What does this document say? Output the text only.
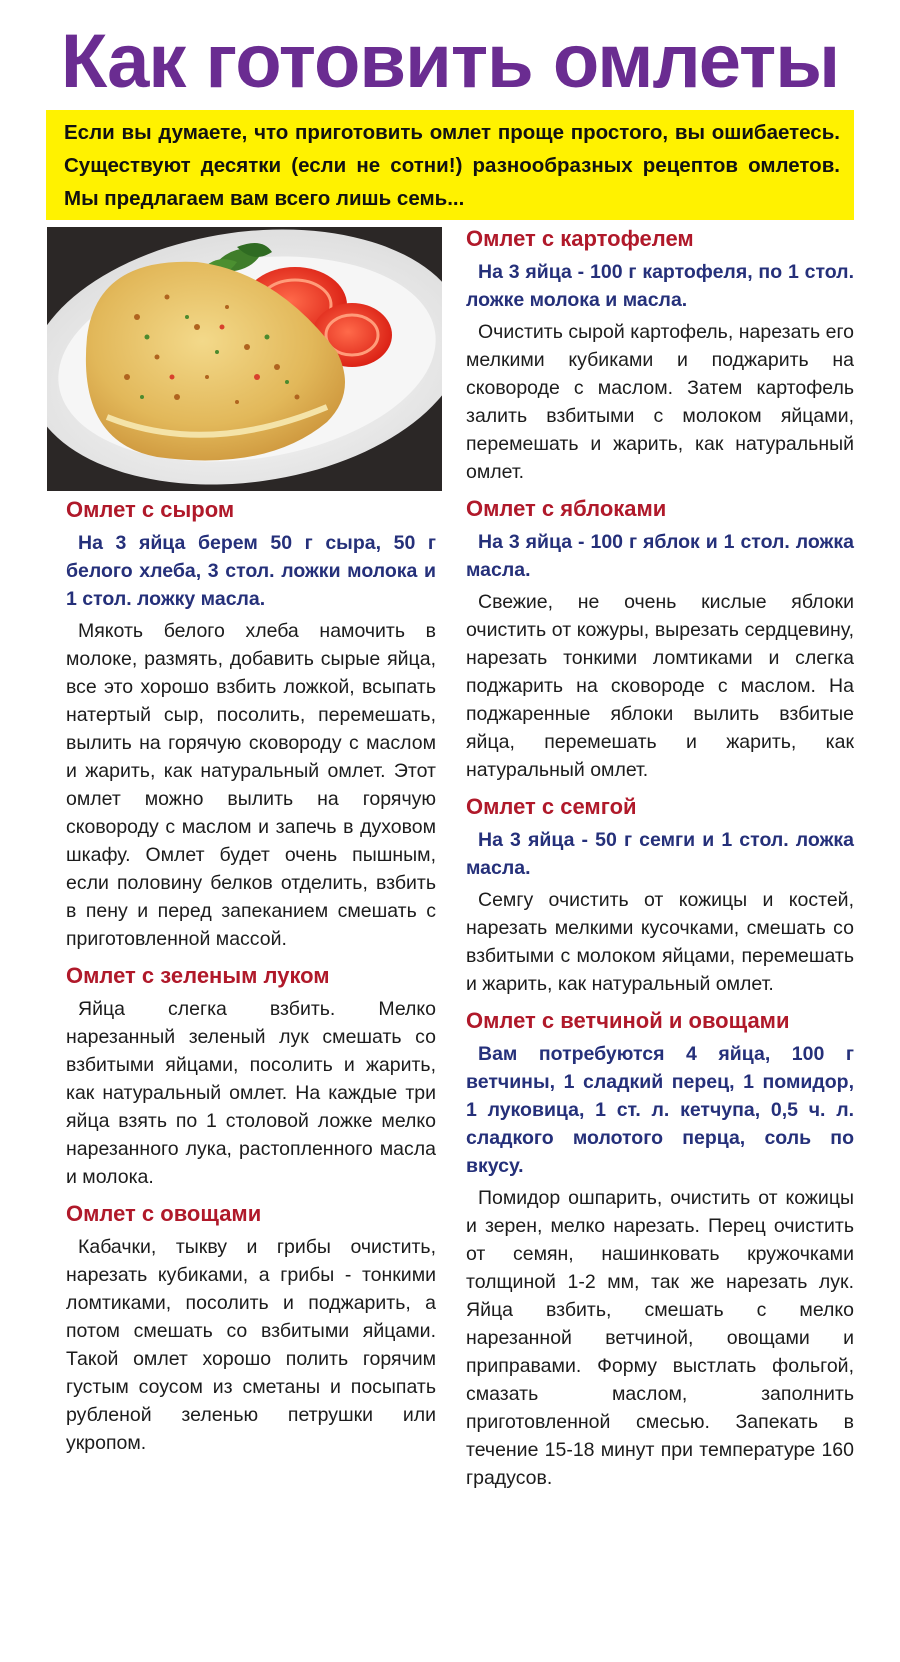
Как готовить омлеты
Если вы думаете, что приготовить омлет проще простого, вы ошибаетесь. Существуют десятки (если не сотни!) разнообразных рецептов омлетов. Мы предлагаем вам всего лишь семь...
Омлет с сыром
На 3 яйца берем 50 г сыра, 50 г белого хлеба, 3 стол. ложки молока и 1 стол. ложку масла.
Мякоть белого хлеба намочить в молоке, размять, добавить сырые яйца, все это хорошо взбить ложкой, всыпать натертый сыр, посолить, перемешать, вылить на горячую сковороду с маслом и жарить, как натуральный омлет. Этот омлет можно вылить на горячую сковороду с маслом и запечь в духовом шкафу. Омлет будет очень пышным, если половину белков отделить, взбить в пену и перед запеканием смешать с приготовленной массой.
Омлет с зеленым луком
Яйца слегка взбить. Мелко нарезанный зеленый лук смешать со взбитыми яйцами, посолить и жарить, как натуральный омлет. На каждые три яйца взять по 1 столовой ложке мелко нарезанного лука, растопленного масла и молока.
Омлет с овощами
Кабачки, тыкву и грибы очистить, нарезать кубиками, а грибы - тонкими ломтиками, посолить и поджарить, а потом смешать со взбитыми яйцами. Такой омлет хорошо полить горячим густым соусом из сметаны и посыпать рубленой зеленью петрушки или укропом.
Омлет с картофелем
На 3 яйца - 100 г картофеля, по 1 стол. ложке молока и масла.
Очистить сырой картофель, нарезать его мелкими кубиками и поджарить на сковороде с маслом. Затем картофель залить взбитыми с молоком яйцами, перемешать и жарить, как натуральный омлет.
Омлет с яблоками
На 3 яйца - 100 г яблок и 1 стол. ложка масла.
Свежие, не очень кислые яблоки очистить от кожуры, вырезать сердцевину, нарезать тонкими ломтиками и слегка поджарить на сковороде с маслом. На поджаренные яблоки вылить взбитые яйца, перемешать и жарить, как натуральный омлет.
Омлет с семгой
На 3 яйца - 50 г семги и 1 стол. ложка масла.
Семгу очистить от кожицы и костей, нарезать мелкими кусочками, смешать со взбитыми с молоком яйцами, перемешать и жарить, как натуральный омлет.
Омлет с ветчиной и овощами
Вам потребуются 4 яйца, 100 г ветчины, 1 сладкий перец, 1 помидор, 1 луковица, 1 ст. л. кетчупа, 0,5 ч. л. сладкого молотого перца, соль по вкусу.
Помидор ошпарить, очистить от кожицы и зерен, мелко нарезать. Перец очистить от семян, нашинковать кружочками толщиной 1-2 мм, так же нарезать лук. Яйца взбить, смешать с мелко нарезанной ветчиной, овощами и приправами. Форму выстлать фольгой, смазать маслом, заполнить приготовленной смесью. Запекать в течение 15-18 минут при температуре 160 градусов.
